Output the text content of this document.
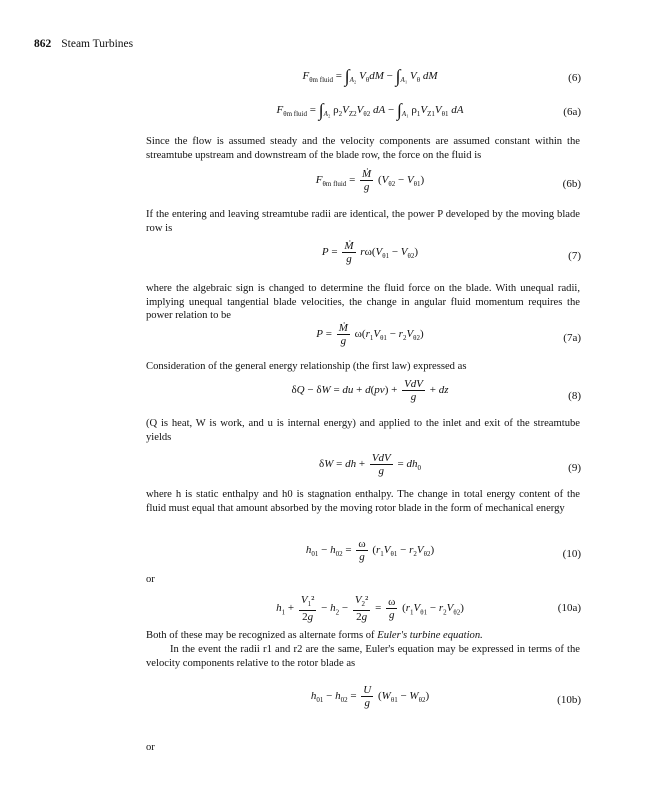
862 Steam Turbines
$F_{\theta m fluid} = \int_{A_2}$ $V_\theta dM - \int_{A_1}$ $V_\theta$ dM	(6)
$F_{\theta m fluid} = \int_{A_2}$ $\rho_2V_{Z2}V_{\theta 2}$ dA − $\int_{A_1}$ $\rho_1V_{Z1}V_{\theta 1}$ dA	(6a)
Since the flow is assumed steady and the velocity components are assumed constant within the streamtube upstream and downstream of the blade row, the force on the fluid is
$F_{\theta m fluid} = \frac{\text{Ṁ}}{g} (V_{\theta 2} - V_{\theta 1})$	(6b)
If the entering and leaving streamtube radii are identical, the power P developed by the moving blade row is
$P = \frac{\text{Ṁ}}{g} r\omega(V_{\theta 1} - V_{\theta 2})$	(7)
where the algebraic sign is changed to determine the fluid force on the blade. With unequal radii, implying unequal tangential blade velocities, the change in angular fluid momentum requires the power relation to be
$P = \frac{\text{Ṁ}}{g} \omega(r_1V_{\theta 1} - r_2V_{\theta 2})$	(7a)
Consideration of the general energy relationship (the first law) expressed as
δQ − δW = du + $d(pv) + \frac{\text{VdV}}{g}$ + dz	(8)
(Q is heat, W is work, and u is internal energy) and applied to the inlet and exit of the streamtube yields
δW = dh + $\frac{\text{VdV}}{g} = dh_0$	(9)
where h is static enthalpy and h0 is stagnation enthalpy. The change in total energy content of the fluid must equal that amount absorbed by the moving rotor blade in the form of mechanical energy
$h_{01} - h_{02} = \frac{\omega}{g} (r_1V_{\theta 1} - r_2V_{\theta 2})$	(10)
or
$h_1 + \frac{V_1^2}{2g} - h_2 - \frac{V_2^2}{2g} = \frac{\omega}{g} (r_1V_{\theta 1} - r_2V_{\theta 2})$	(10a)
Both of these may be recognized as alternate forms of Euler's turbine equation.
In the event the radii r1 and r2 are the same, Euler's equation may be expressed in terms of the velocity components relative to the rotor blade as
$h_{01} - h_{02} = \frac{U}{g} (W_{\theta 1} - W_{\theta 2})$	(10b)
or
